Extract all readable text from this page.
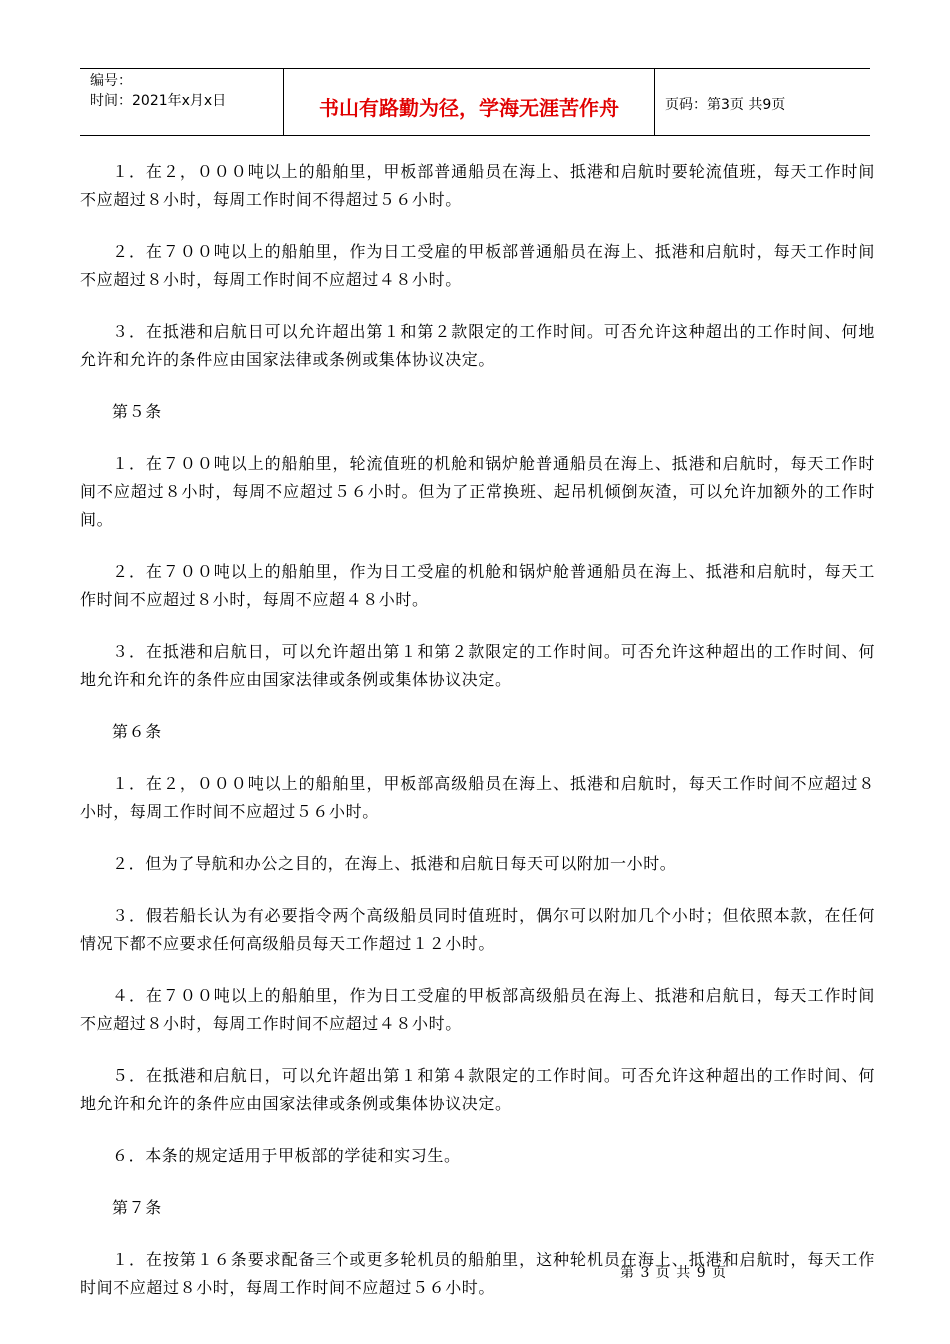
编号：
时间：2021年x月x日	书山有路勤为径，学海无涯苦作舟	页码：第3页 共9页

１．在２，０００吨以上的船舶里，甲板部普通船员在海上、抵港和启航时要轮流值班，每天工作时间不应超过８小时，每周工作时间不得超过５６小时。

２．在７００吨以上的船舶里，作为日工受雇的甲板部普通船员在海上、抵港和启航时，每天工作时间不应超过８小时，每周工作时间不应超过４８小时。

３．在抵港和启航日可以允许超出第１和第２款限定的工作时间。可否允许这种超出的工作时间、何地允许和允许的条件应由国家法律或条例或集体协议决定。

第５条

１．在７００吨以上的船舶里，轮流值班的机舱和锅炉舱普通船员在海上、抵港和启航时，每天工作时间不应超过８小时，每周不应超过５６小时。但为了正常换班、起吊机倾倒灰渣，可以允许加额外的工作时间。

２．在７００吨以上的船舶里，作为日工受雇的机舱和锅炉舱普通船员在海上、抵港和启航时，每天工作时间不应超过８小时，每周不应超４８小时。

３．在抵港和启航日，可以允许超出第１和第２款限定的工作时间。可否允许这种超出的工作时间、何地允许和允许的条件应由国家法律或条例或集体协议决定。

第６条

１．在２，０００吨以上的船舶里，甲板部高级船员在海上、抵港和启航时，每天工作时间不应超过８小时，每周工作时间不应超过５６小时。

２．但为了导航和办公之目的，在海上、抵港和启航日每天可以附加一小时。

３．假若船长认为有必要指令两个高级船员同时值班时，偶尔可以附加几个小时；但依照本款，在任何情况下都不应要求任何高级船员每天工作超过１２小时。

４．在７００吨以上的船舶里，作为日工受雇的甲板部高级船员在海上、抵港和启航日，每天工作时间不应超过８小时，每周工作时间不应超过４８小时。

５．在抵港和启航日，可以允许超出第１和第４款限定的工作时间。可否允许这种超出的工作时间、何地允许和允许的条件应由国家法律或条例或集体协议决定。

６．本条的规定适用于甲板部的学徒和实习生。

第７条

１．在按第１６条要求配备三个或更多轮机员的船舶里，这种轮机员在海上、抵港和启航时，每天工作时间不应超过８小时，每周工作时间不应超过５６小时。

第 3 页 共 9 页
